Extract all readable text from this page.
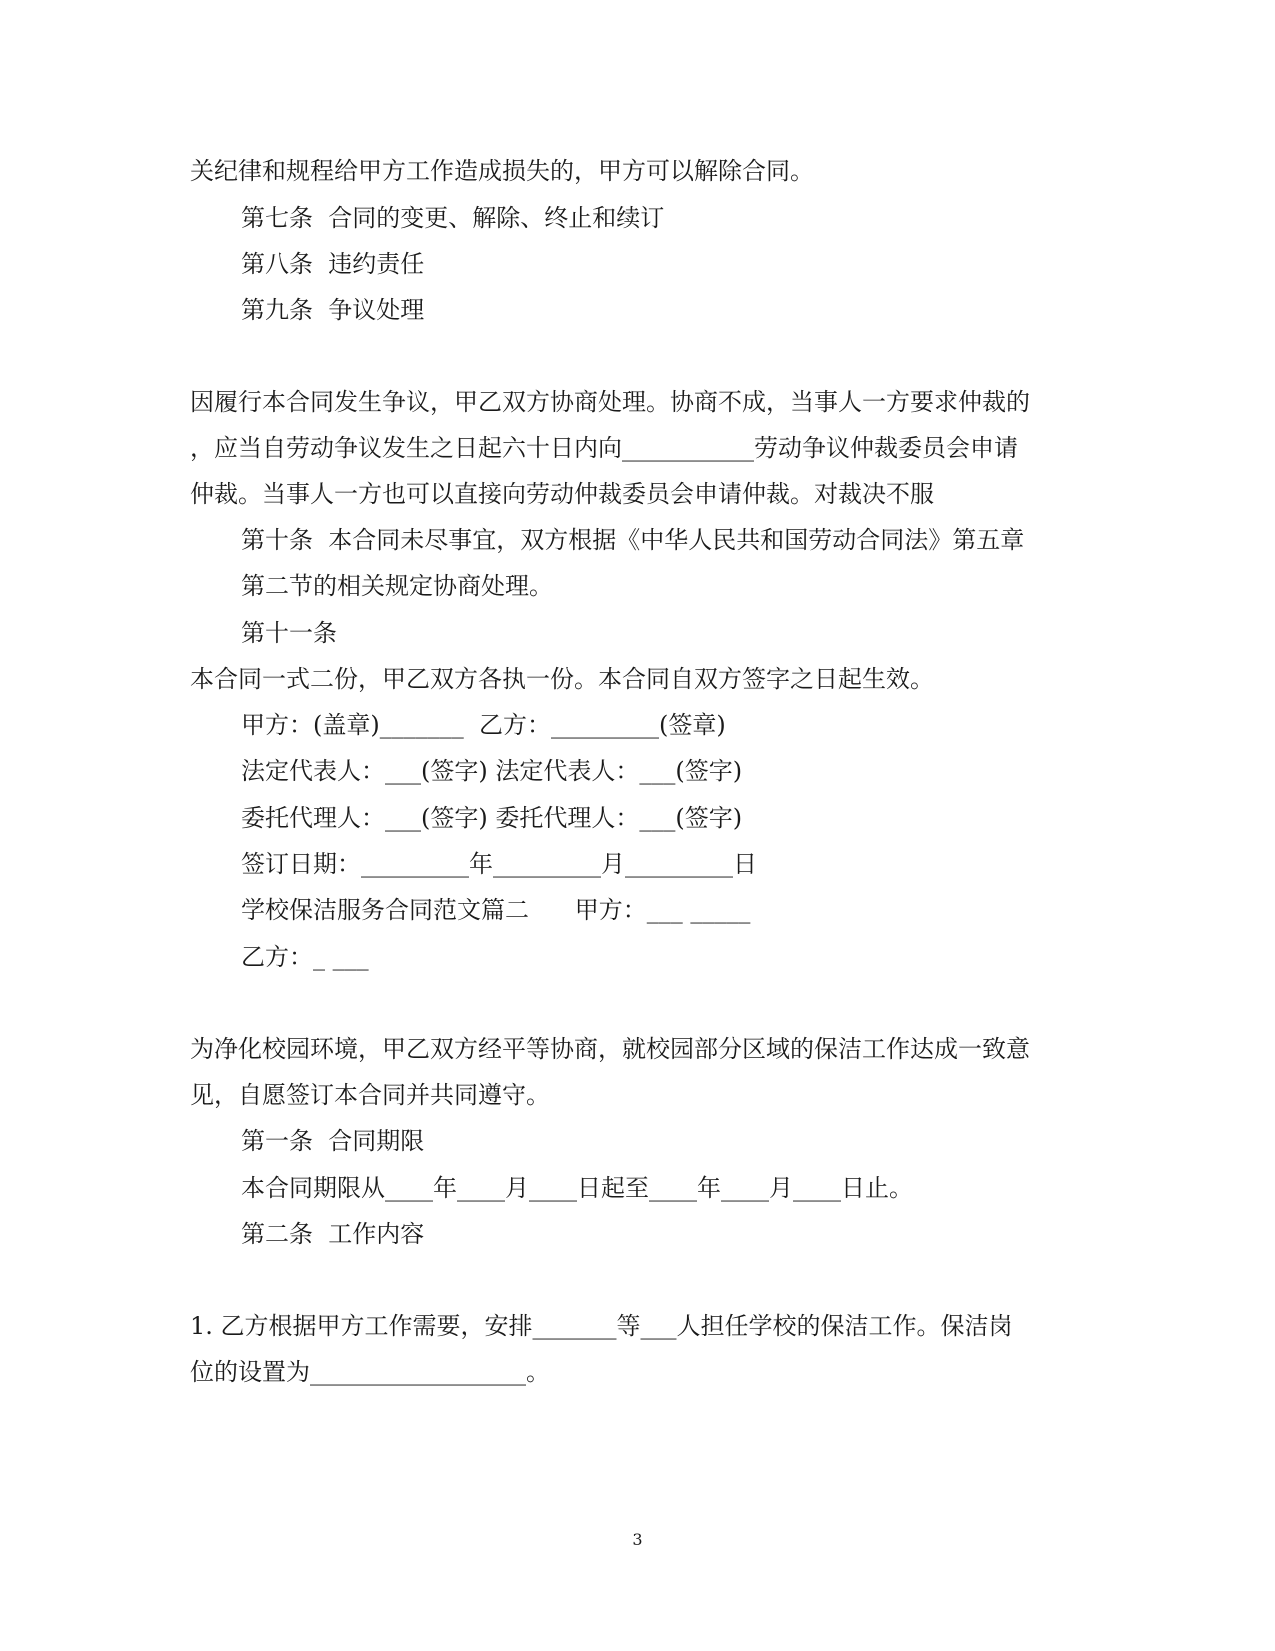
关纪律和规程给甲方工作造成损失的，甲方可以解除合同。
第七条  合同的变更、解除、终止和续订
第八条  违约责任
第九条  争议处理
因履行本合同发生争议，甲乙双方协商处理。协商不成，当事人一方要求仲裁的
，应当自劳动争议发生之日起六十日内向___________劳动争议仲裁委员会申请
仲裁。当事人一方也可以直接向劳动仲裁委员会申请仲裁。对裁决不服
第十条  本合同未尽事宜，双方根据《中华人民共和国劳动合同法》第五章
第二节的相关规定协商处理。
第十一条
本合同一式二份，甲乙双方各执一份。本合同自双方签字之日起生效。
甲方：(盖章)_______  乙方：_________(签章)
法定代表人：___(签字) 法定代表人：___(签字)
委托代理人：___(签字) 委托代理人：___(签字)
签订日期：_________年_________月_________日
学校保洁服务合同范文篇二      甲方：___ _____
乙方：_ ___
为净化校园环境，甲乙双方经平等协商，就校园部分区域的保洁工作达成一致意
见，自愿签订本合同并共同遵守。
第一条  合同期限
本合同期限从____年____月____日起至____年____月____日止。
第二条  工作内容
1. 乙方根据甲方工作需要，安排_______等___人担任学校的保洁工作。保洁岗
位的设置为__________________。
3
